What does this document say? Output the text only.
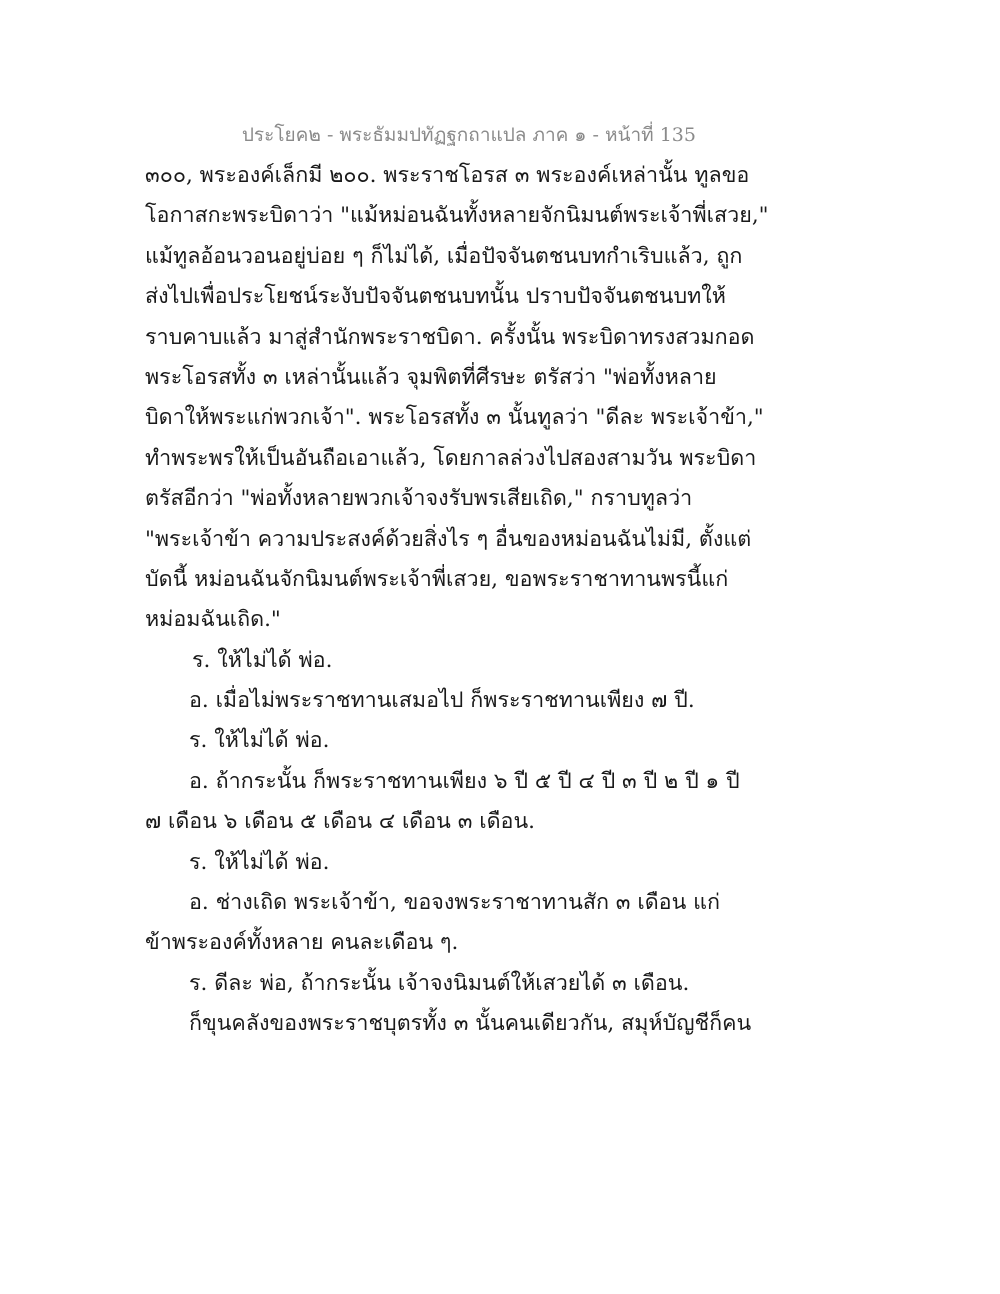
ประโยค๒ - พระธัมมปทัฏฐกถาแปล ภาค ๑ - หน้าที่ 135
๓๐๐, พระองค์เล็กมี ๒๐๐. พระราชโอรส ๓ พระองค์เหล่านั้น ทูลขอ
โอกาสกะพระบิดาว่า "แม้หม่อนฉันทั้งหลายจักนิมนต์พระเจ้าพี่เสวย,"
แม้ทูลอ้อนวอนอยู่บ่อย ๆ ก็ไม่ได้, เมื่อปัจจันตชนบทกำเริบแล้ว, ถูก
ส่งไปเพื่อประโยชน์ระงับปัจจันตชนบทนั้น ปราบปัจจันตชนบทให้
ราบคาบแล้ว มาสู่สำนักพระราชบิดา. ครั้งนั้น พระบิดาทรงสวมกอด
พระโอรสทั้ง ๓ เหล่านั้นแล้ว จุมพิตที่ศีรษะ ตรัสว่า "พ่อทั้งหลาย
บิดาให้พระแก่พวกเจ้า". พระโอรสทั้ง ๓ นั้นทูลว่า "ดีละ พระเจ้าข้า,"
ทำพระพรให้เป็นอันถือเอาแล้ว, โดยกาลล่วงไปสองสามวัน พระบิดา
ตรัสอีกว่า "พ่อทั้งหลายพวกเจ้าจงรับพรเสียเถิด," กราบทูลว่า
"พระเจ้าข้า ความประสงค์ด้วยสิ่งไร ๆ อื่นของหม่อนฉันไม่มี, ตั้งแต่
บัดนี้ หม่อนฉันจักนิมนต์พระเจ้าพี่เสวย, ขอพระราชาทานพรนี้แก่
หม่อมฉันเถิด."
ร. ให้ไม่ได้ พ่อ.
อ. เมื่อไม่พระราชทานเสมอไป ก็พระราชทานเพียง ๗ ปี.
ร. ให้ไม่ได้ พ่อ.
อ. ถ้ากระนั้น ก็พระราชทานเพียง ๖ ปี ๕ ปี ๔ ปี ๓ ปี ๒ ปี ๑ ปี
๗ เดือน ๖ เดือน ๕ เดือน ๔ เดือน ๓ เดือน.
ร. ให้ไม่ได้ พ่อ.
อ. ช่างเถิด พระเจ้าข้า, ขอจงพระราชาทานสัก ๓ เดือน แก่
ข้าพระองค์ทั้งหลาย คนละเดือน ๆ.
ร. ดีละ พ่อ, ถ้ากระนั้น เจ้าจงนิมนต์ให้เสวยได้ ๓ เดือน.
ก็ขุนคลังของพระราชบุตรทั้ง ๓ นั้นคนเดียวกัน, สมุห์บัญชีก็คน
